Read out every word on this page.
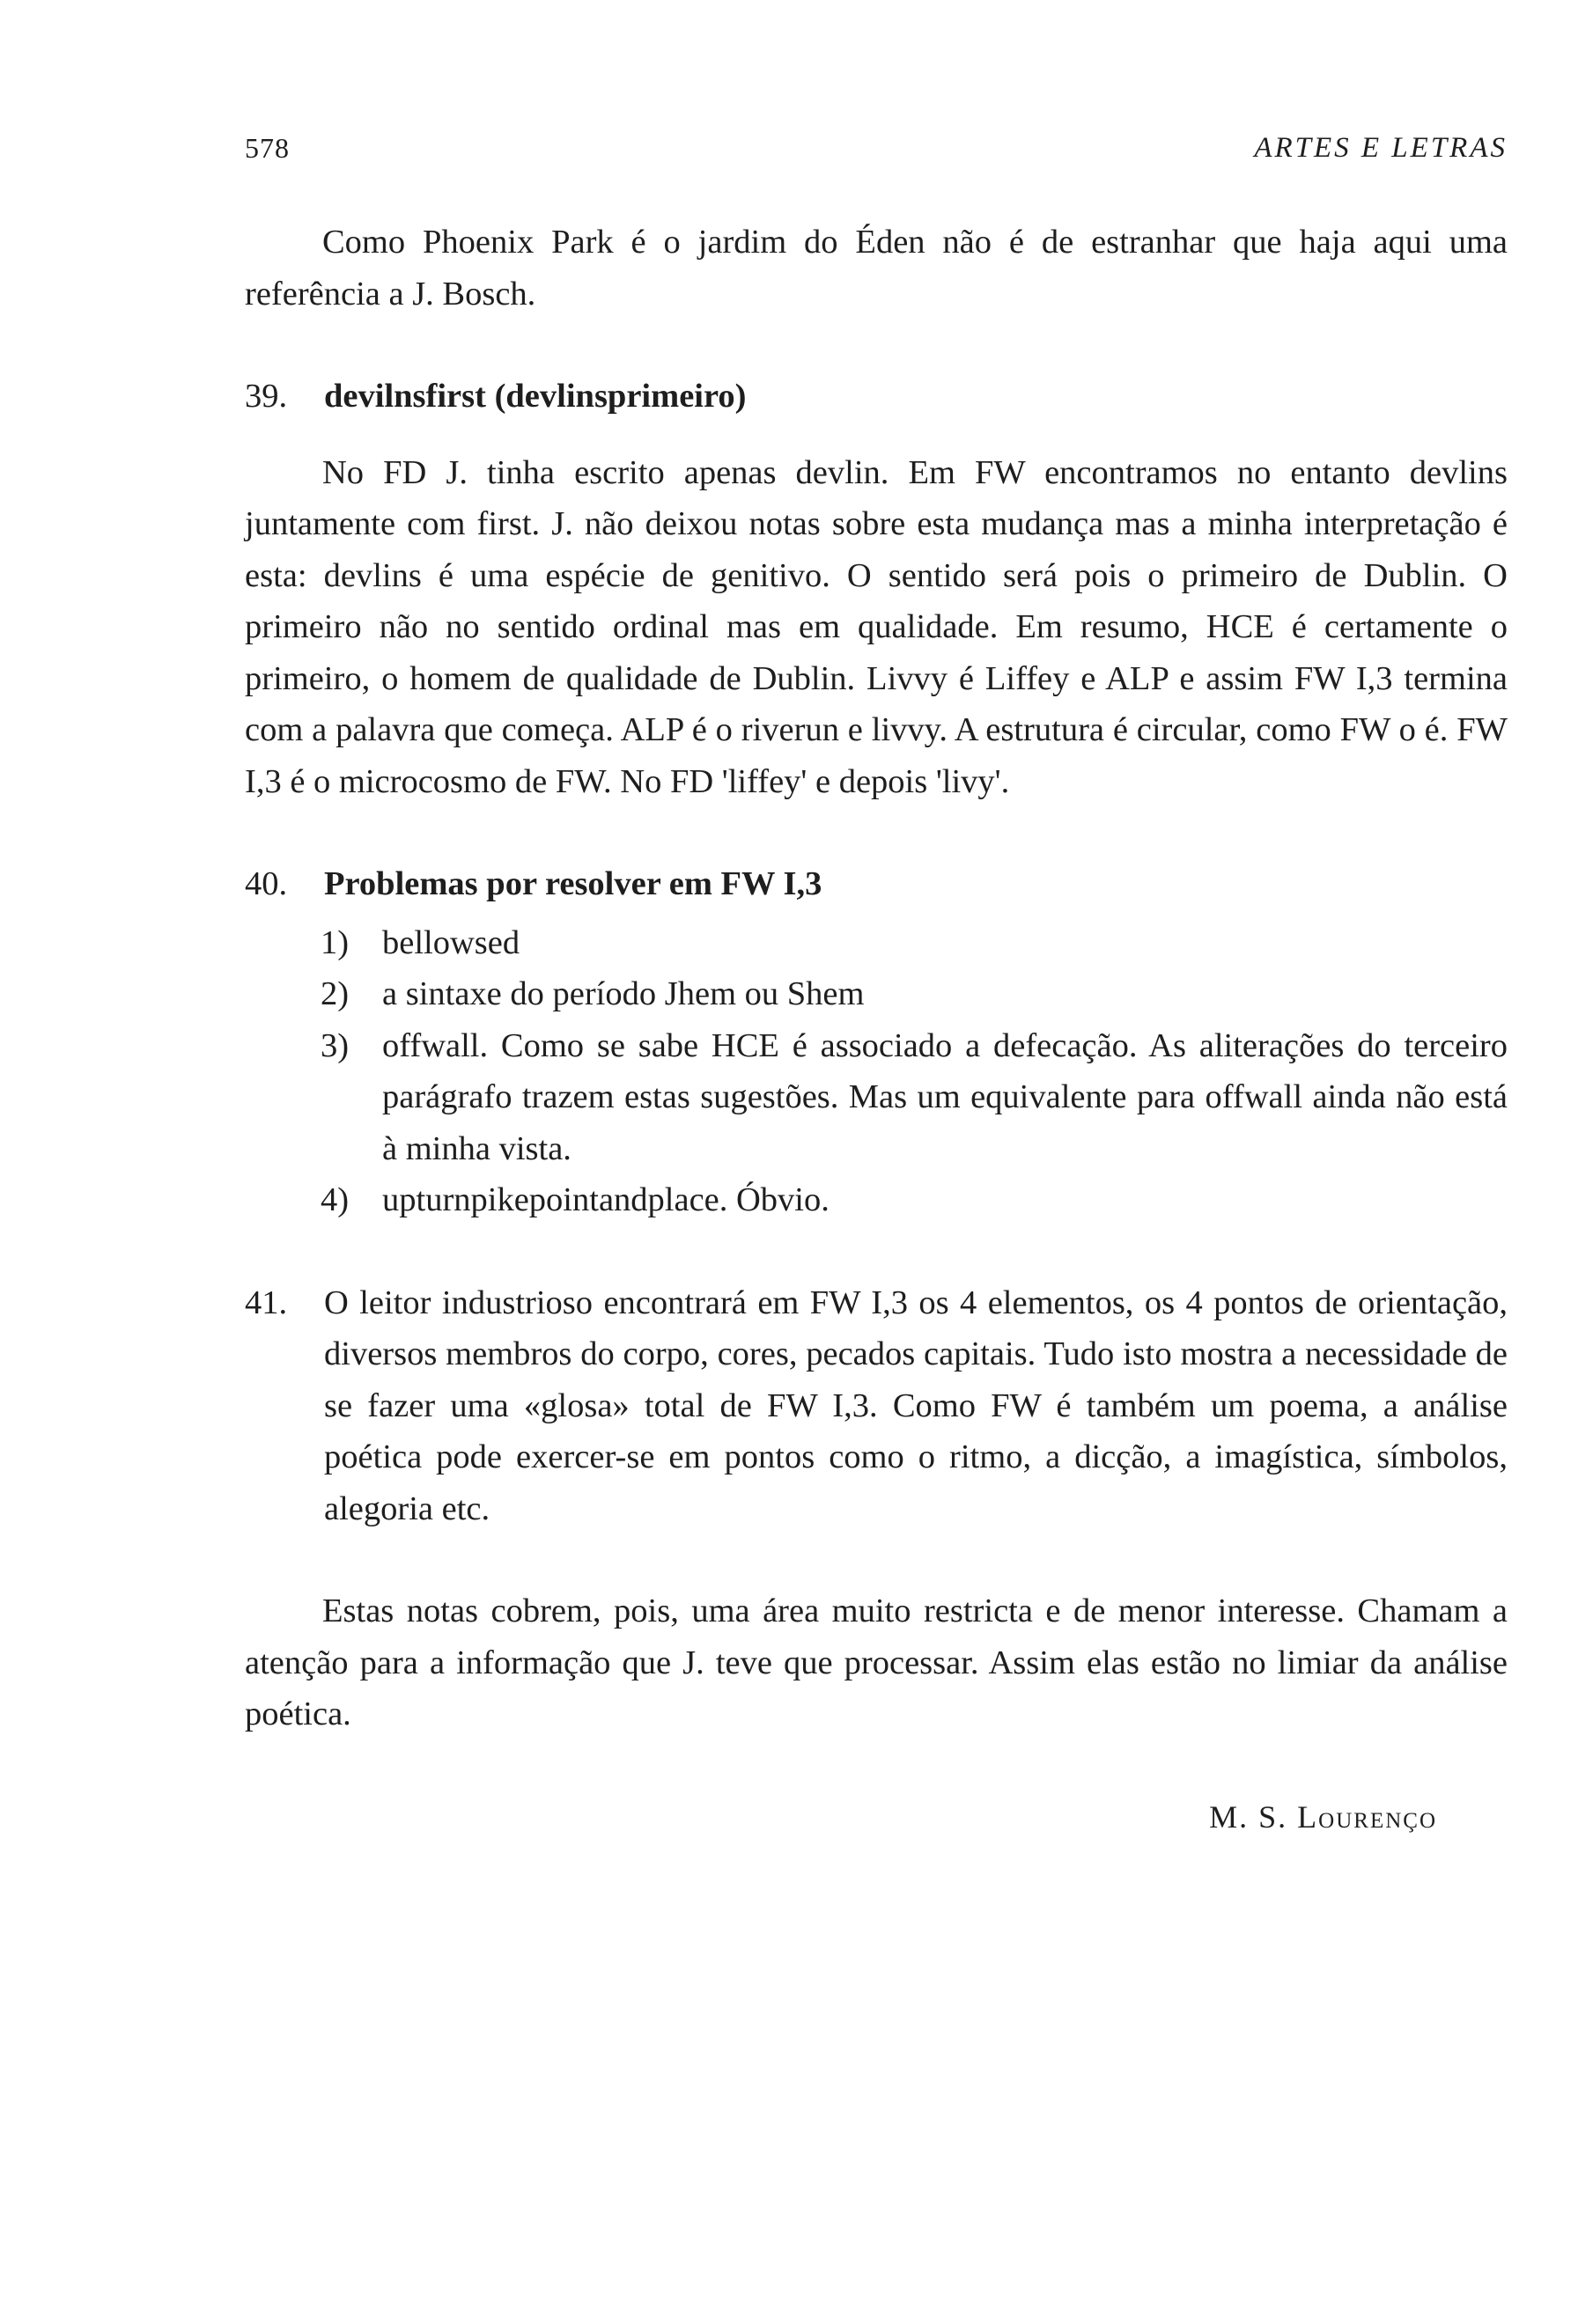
578	ARTES E LETRAS

Como Phoenix Park é o jardim do Éden não é de estranhar que haja aqui uma referência a J. Bosch.

39.	devilnsfirst (devlinsprimeiro)

No FD J. tinha escrito apenas devlin. Em FW encontramos no entanto devlins juntamente com first. J. não deixou notas sobre esta mudança mas a minha interpretação é esta: devlins é uma espécie de genitivo. O sentido será pois o primeiro de Dublin. O primeiro não no sentido ordinal mas em qualidade. Em resumo, HCE é certamente o primeiro, o homem de qualidade de Dublin. Livvy é Liffey e ALP e assim FW I,3 termina com a palavra que começa. ALP é o riverun e livvy. A estrutura é circular, como FW o é. FW I,3 é o microcosmo de FW. No FD 'liffey' e depois 'livy'.

40.	Problemas por resolver em FW I,3
1) bellowsed
2) a sintaxe do período Jhem ou Shem
3) offwall. Como se sabe HCE é associado a defecação. As aliterações do terceiro parágrafo trazem estas sugestões. Mas um equivalente para offwall ainda não está à minha vista.
4) upturnpikepointandplace. Óbvio.
41.	O leitor industrioso encontrará em FW I,3 os 4 elementos, os 4 pontos de orientação, diversos membros do corpo, cores, pecados capitais. Tudo isto mostra a necessidade de se fazer uma «glosa» total de FW I,3. Como FW é também um poema, a análise poética pode exercer-se em pontos como o ritmo, a dicção, a imagística, símbolos, alegoria etc.

Estas notas cobrem, pois, uma área muito restricta e de menor interesse. Chamam a atenção para a informação que J. teve que processar. Assim elas estão no limiar da análise poética.

M. S. Lourenço
